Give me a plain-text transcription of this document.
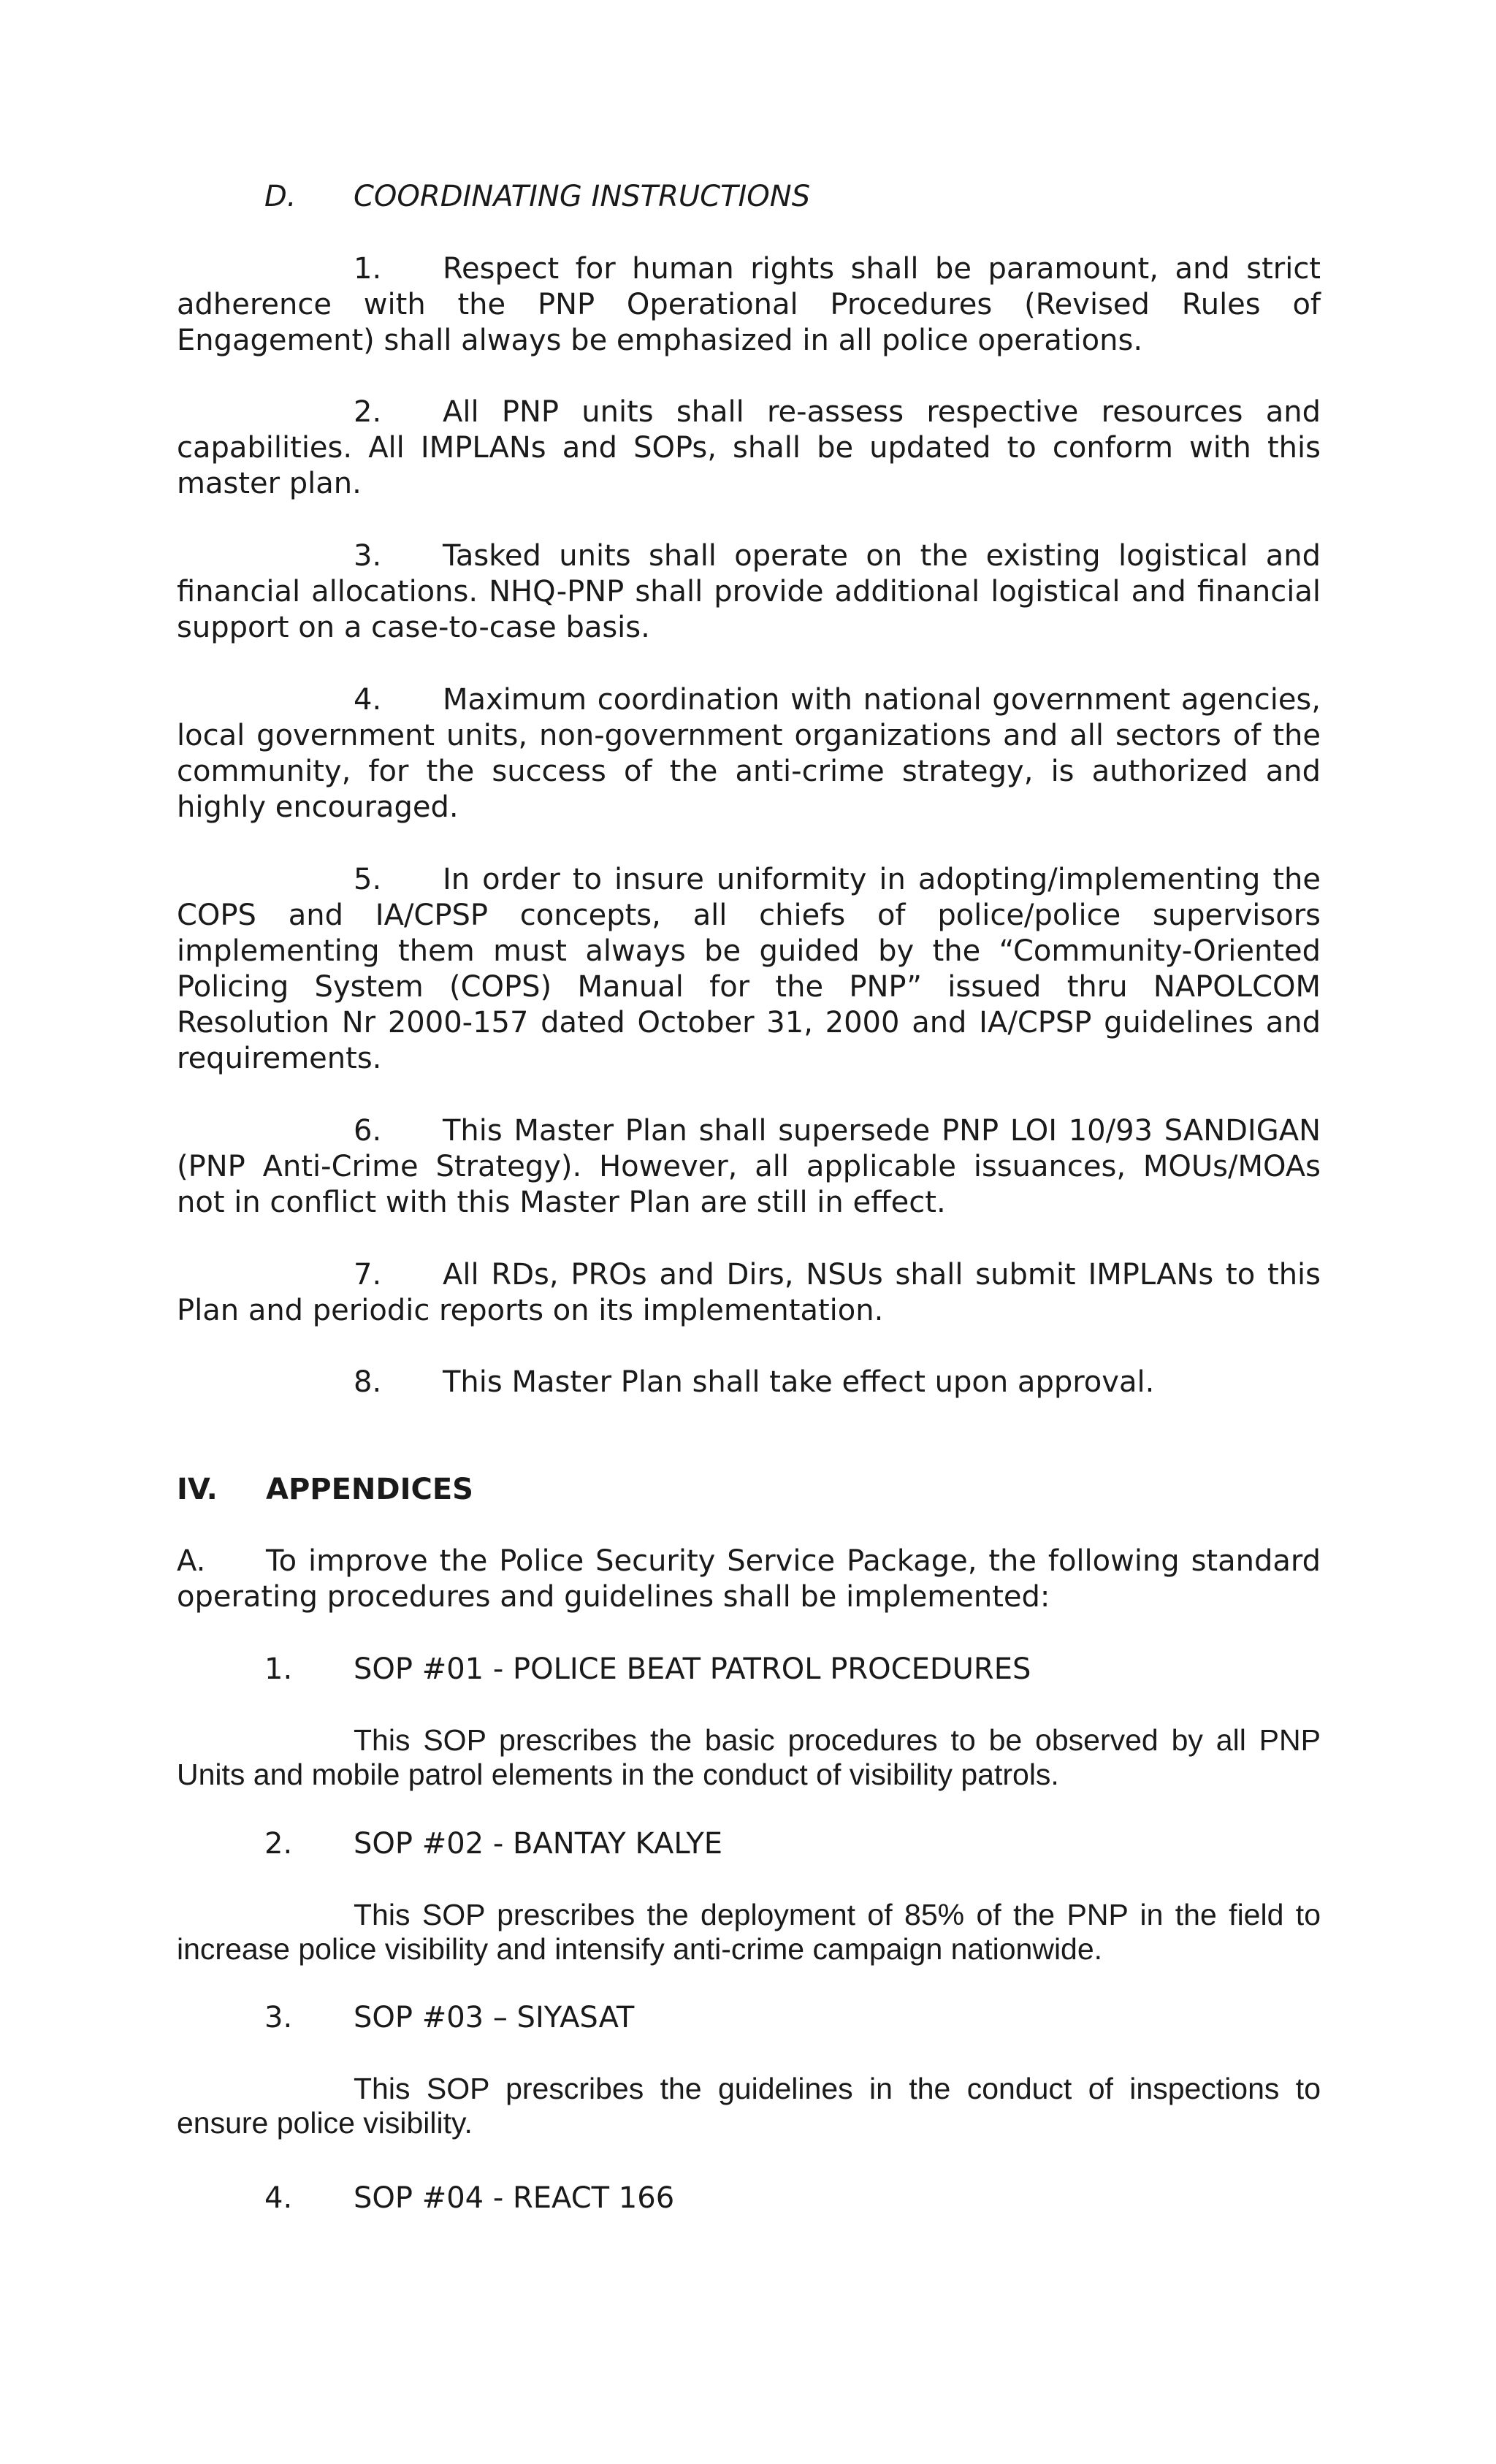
D. COORDINATING INSTRUCTIONS

1. Respect for human rights shall be paramount, and strict adherence with the PNP Operational Procedures (Revised Rules of Engagement) shall always be emphasized in all police operations.

2. All PNP units shall re-assess respective resources and capabilities. All IMPLANs and SOPs, shall be updated to conform with this master plan.

3. Tasked units shall operate on the existing logistical and financial allocations. NHQ-PNP shall provide additional logistical and financial support on a case-to-case basis.

4. Maximum coordination with national government agencies, local government units, non-government organizations and all sectors of the community, for the success of the anti-crime strategy, is authorized and highly encouraged.

5. In order to insure uniformity in adopting/implementing the COPS and IA/CPSP concepts, all chiefs of police/police supervisors implementing them must always be guided by the “Community-Oriented Policing System (COPS) Manual for the PNP” issued thru NAPOLCOM Resolution Nr 2000-157 dated October 31, 2000 and IA/CPSP guidelines and requirements.

6. This Master Plan shall supersede PNP LOI 10/93 SANDIGAN (PNP Anti-Crime Strategy). However, all applicable issuances, MOUs/MOAs not in conflict with this Master Plan are still in effect.

7. All RDs, PROs and Dirs, NSUs shall submit IMPLANs to this Plan and periodic reports on its implementation.

8. This Master Plan shall take effect upon approval.

IV. APPENDICES

A. To improve the Police Security Service Package, the following standard operating procedures and guidelines shall be implemented:

1. SOP #01 - POLICE BEAT PATROL PROCEDURES

This SOP prescribes the basic procedures to be observed by all PNP Units and mobile patrol elements in the conduct of visibility patrols.

2. SOP #02 - BANTAY KALYE

This SOP prescribes the deployment of 85% of the PNP in the field to increase police visibility and intensify anti-crime campaign nationwide.

3. SOP #03 – SIYASAT

This SOP prescribes the guidelines in the conduct of inspections to ensure police visibility.

4. SOP #04 - REACT 166
